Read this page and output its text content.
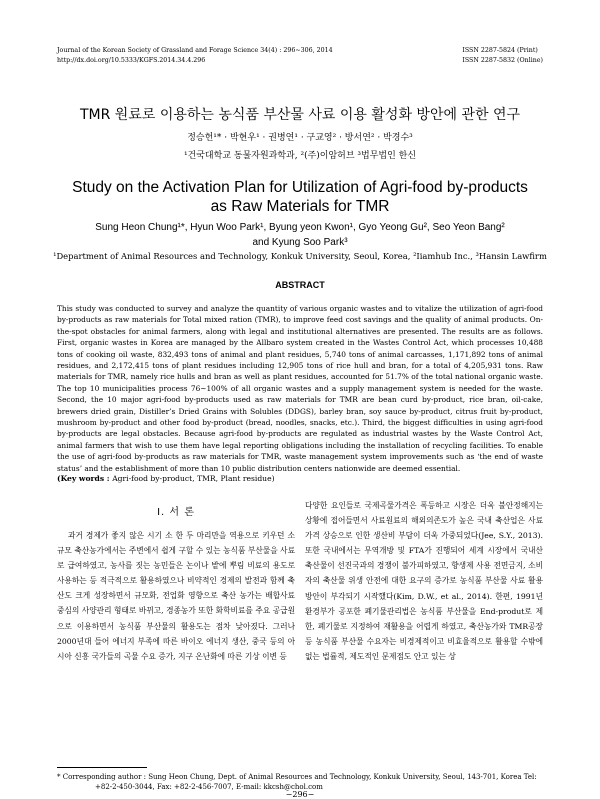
Journal of the Korean Society of Grassland and Forage Science 34(4) : 296~306, 2014
http://dx.doi.org/10.5333/KGFS.2014.34.4.296
ISSN 2287-5824 (Print)
ISSN 2287-5832 (Online)
TMR 원료로 이용하는 농식품 부산물 사료 이용 활성화 방안에 관한 연구
정승헌¹* · 박현우¹ · 권병연¹ · 구교영² · 방서연² · 박경수³
¹건국대학교 동물자원과학과, ²(주)이암허브 ³법무법인 한신
Study on the Activation Plan for Utilization of Agri-food by-products
as Raw Materials for TMR
Sung Heon Chung¹*, Hyun Woo Park¹, Byung yeon Kwon¹, Gyo Yeong Gu², Seo Yeon Bang²
and Kyung Soo Park³
¹Department of Animal Resources and Technology, Konkuk University, Seoul, Korea, ²Iiamhub Inc., ³Hansin Lawfirm
ABSTRACT

This study was conducted to survey and analyze the quantity of various organic wastes and to vitalize the utilization of agri-food by-products as raw materials for Total mixed ration (TMR), to improve feed cost savings and the quality of animal products. On-the-spot obstacles for animal farmers, along with legal and institutional alternatives are presented. The results are as follows. First, organic wastes in Korea are managed by the Allbaro system created in the Wastes Control Act, which processes 10,488 tons of cooking oil waste, 832,493 tons of animal and plant residues, 5,740 tons of animal carcasses, 1,171,892 tons of animal residues, and 2,172,415 tons of plant residues including 12,905 tons of rice hull and bran, for a total of 4,205,931 tons. Raw materials for TMR, namely rice hulls and bran as well as plant residues, accounted for 51.7% of the total national organic waste. The top 10 municipalities process 76~100% of all organic wastes and a supply management system is needed for the waste. Second, the 10 major agri-food by-products used as raw materials for TMR are bean curd by-product, rice bran, oil-cake, brewers dried grain, Distiller’s Dried Grains with Solubles (DDGS), barley bran, soy sauce by-product, citrus fruit by-product, mushroom by-product and other food by-product (bread, noodles, snacks, etc.). Third, the biggest difficulties in using agri-food by-products are legal obstacles. Because agri-food by-products are regulated as industrial wastes by the Waste Control Act, animal farmers that wish to use them have legal reporting obligations including the installation of recycling facilities. To enable the use of agri-food by-products as raw materials for TMR, waste management system improvements such as ‘the end of waste status’ and the establishment of more than 10 public distribution centers nationwide are deemed essential.

(Key words : Agri-food by-product, TMR, Plant residue)
Ⅰ. 서 론

과거 경제가 좋지 않은 시기 소 한 두 마리만을 역용으로 키우던 소규모 축산농가에서는 주변에서 쉽게 구할 수 있는 농식품 부산물을 사료로 급여하였고, 농사를 짓는 농민들은 논이나 밭에 뿌림 비료의 용도로 사용하는 등 적극적으로 활용하였으나 비약적인 경제의 발전과 함께 축산도 크게 성장하면서 규모화, 전업화 영향으로 축산 농가는 배합사료 중심의 사양관리 형태로 바뀌고, 경종농가 또한 화학비료를 주요 공급원으로 이용하면서 농식품 부산물의 활용도는 점차 낮아졌다. 그러나 2000년대 들어 에너지 부족에 따른 바이오 에너지 생산, 중국 등의 아시아 신흥 국가들의 곡물 수요 증가, 지구 온난화에 따른 기상 이변 등

다양한 요인들로 국제곡물가격은 폭등하고 시장은 더욱 불안정해지는 상황에 접어들면서 사료원료의 해외의존도가 높은 국내 축산업은 사료가격 상승으로 인한 생산비 부담이 더욱 가중되었다(Jee, S.Y., 2013). 또한 국내에서는 무역개방 및 FTA가 진행되어 세계 시장에서 국내산 축산물이 선진국과의 경쟁이 불가피하였고, 향생제 사용 전면금지, 소비자의 축산물 위생 안전에 대한 요구의 증가로 농식품 부산물 사료 활용 방안이 부각되기 시작했다(Kim, D.W., et al., 2014). 한편, 1991년 환경부가 공포한 폐기물관리법은 농식품 부산물을 End-produt로 제한, 폐기물로 지정하여 재활용을 어렵게 하였고, 축산농가와 TMR공장 등 농식품 부산물 수요자는 비경제적이고 비효율적으로 활용할 수밖에 없는 법률적, 제도적인 문제점도 안고 있는 상

* Corresponding author : Sung Heon Chung, Dept. of Animal Resources and Technology, Konkuk University, Seoul, 143-701, Korea Tel:
+82-2-450-3044, Fax: +82-2-456-7007, E-mail: kkcsh@chol.com
−296−
